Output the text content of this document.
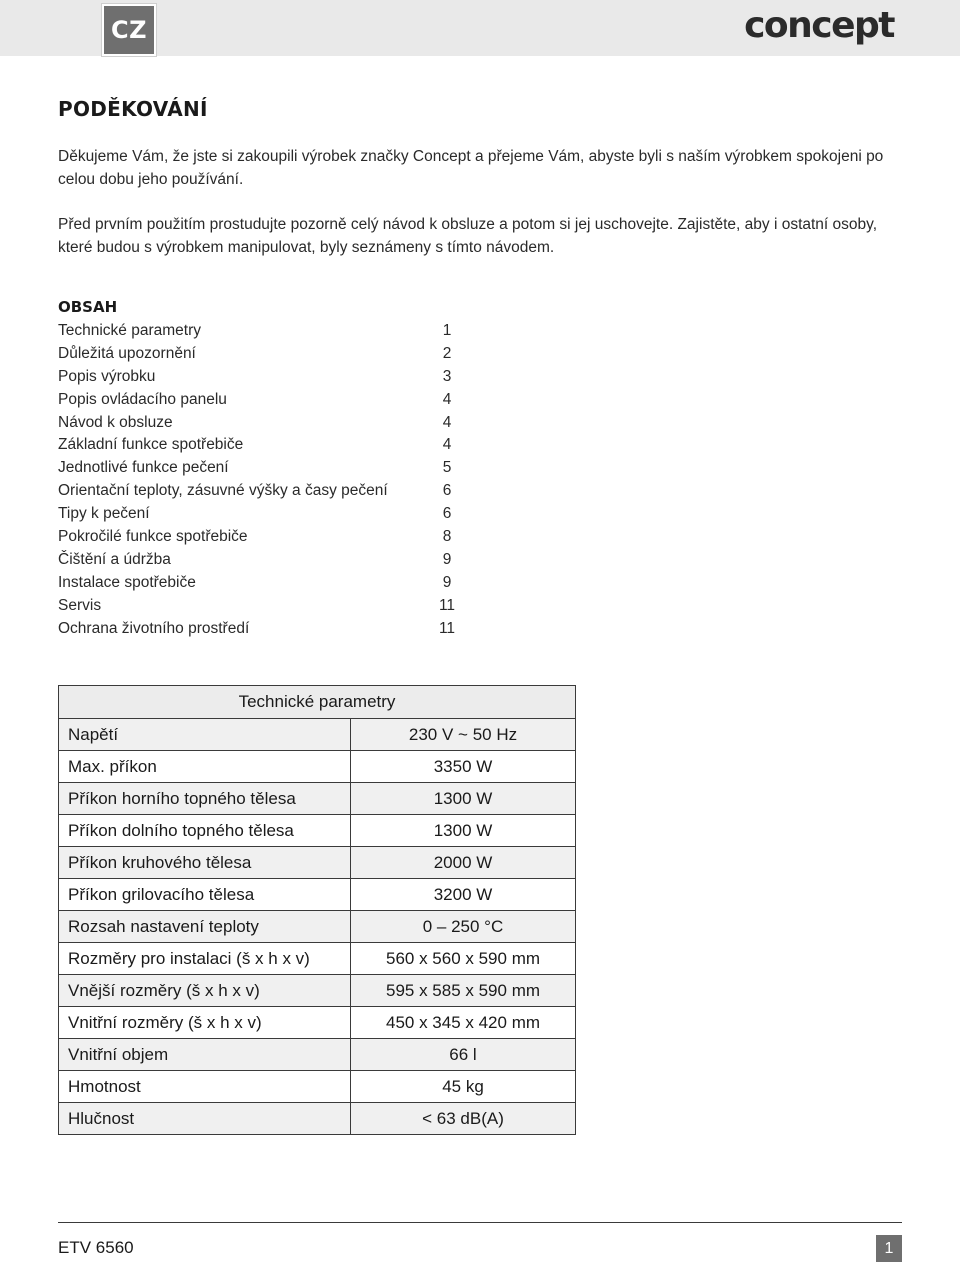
CZ	concept
PODĚKOVÁNÍ

Děkujeme Vám, že jste si zakoupili výrobek značky Concept a přejeme Vám, abyste byli s naším výrobkem spokojeni po celou dobu jeho používání.

Před prvním použitím prostudujte pozorně celý návod k obsluze a potom si jej uschovejte. Zajistěte, aby i ostatní osoby, které budou s výrobkem manipulovat, byly seznámeny s tímto návodem.

OBSAH
Technické parametry	1
Důležitá upozornění	2
Popis výrobku	3
Popis ovládacího panelu	4
Návod k obsluze	4
Základní funkce spotřebiče	4
Jednotlivé funkce pečení	5
Orientační teploty, zásuvné výšky a časy pečení	6
Tipy k pečení	6
Pokročilé funkce spotřebiče	8
Čištění a údržba	9
Instalace spotřebiče	9
Servis	11
Ochrana životního prostředí	11
Technické parametry	
Napětí	230 V ~ 50 Hz
Max. příkon	3350 W
Příkon horního topného tělesa	1300 W
Příkon dolního topného tělesa	1300 W
Příkon kruhového tělesa	2000 W
Příkon grilovacího tělesa	3200 W
Rozsah nastavení teploty	0 – 250 °C
Rozměry pro instalaci (š x h x v)	560 x 560 x 590 mm
Vnější rozměry (š x h x v)	595 x 585 x 590 mm
Vnitřní rozměry (š x h x v)	450 x 345 x 420 mm
Vnitřní objem	66 l
Hmotnost	45 kg
Hlučnost	< 63 dB(A)
ETV 6560	1
